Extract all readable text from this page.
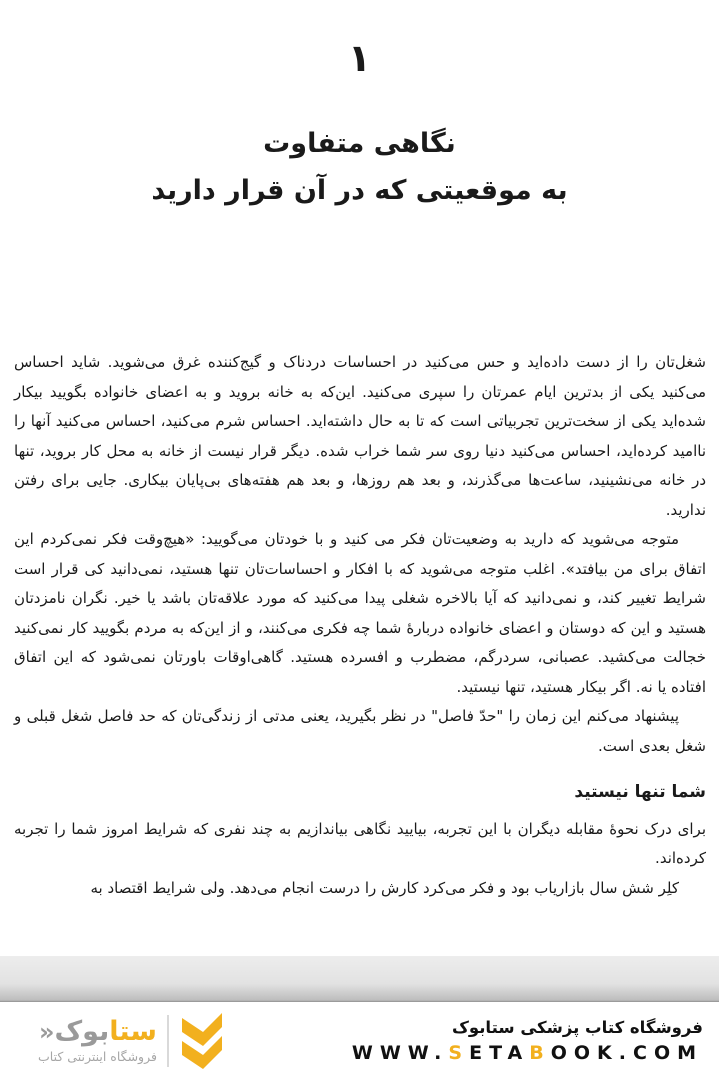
۱
نگاهی متفاوت
به موقعیتی که در آن قرار دارید

شغل‌تان را از دست داده‌اید و حس می‌کنید در احساسات دردناک و گیج‌کننده غرق می‌شوید. شاید احساس می‌کنید یکی از بدترین ایام عمرتان را سپری می‌کنید. این‌که به خانه بروید و به اعضای خانواده بگویید بیکار شده‌اید یکی از سخت‌ترین تجربیاتی است که تا به حال داشته‌اید. احساس شرم می‌کنید، احساس می‌کنید آنها را ناامید کرده‌اید، احساس می‌کنید دنیا روی سر شما خراب شده. دیگر قرار نیست از خانه به محل کار بروید، تنها در خانه می‌نشینید، ساعت‌ها می‌گذرند، و بعد هم روزها، و بعد هم هفته‌های بی‌پایان بیکاری. جایی برای رفتن ندارید.

متوجه می‌شوید که دارید به وضعیت‌تان فکر می کنید و با خودتان می‌گویید: «هیچ‌وقت فکر نمی‌کردم این اتفاق برای من بیافتد». اغلب متوجه می‌شوید که با افکار و احساسات‌تان تنها هستید، نمی‌دانید کی قرار است شرایط تغییر کند، و نمی‌دانید که آیا بالاخره شغلی پیدا می‌کنید که مورد علاقه‌تان باشد یا خیر. نگران نامزدتان هستید و این که دوستان و اعضای خانواده دربارهٔ شما چه فکری می‌کنند، و از این‌که به مردم بگویید کار نمی‌کنید خجالت می‌کشید. عصبانی، سردرگم، مضطرب و افسرده هستید. گاهی‌اوقات باورتان نمی‌شود که این اتفاق افتاده یا نه. اگر بیکار هستید، تنها نیستید.

پیشنهاد می‌کنم این زمان را "حدّ فاصل" در نظر بگیرید، یعنی مدتی از زندگی‌تان که حد فاصل شغل قبلی و شغل بعدی است.

شما تنها نیستید

برای درک نحوهٔ مقابله دیگران با این تجربه، بیایید نگاهی بیاندازیم به چند نفری که شرایط امروز شما را تجربه کرده‌اند.

کلِر شش سال بازاریاب بود و فکر می‌کرد کارش را درست انجام می‌دهد. ولی شرایط اقتصاد به

ستابوک«
فروشگاه اینترنتی کتاب
فروشگاه کتاب پزشکی ستابوک
WWW.SETABOOK.COM
